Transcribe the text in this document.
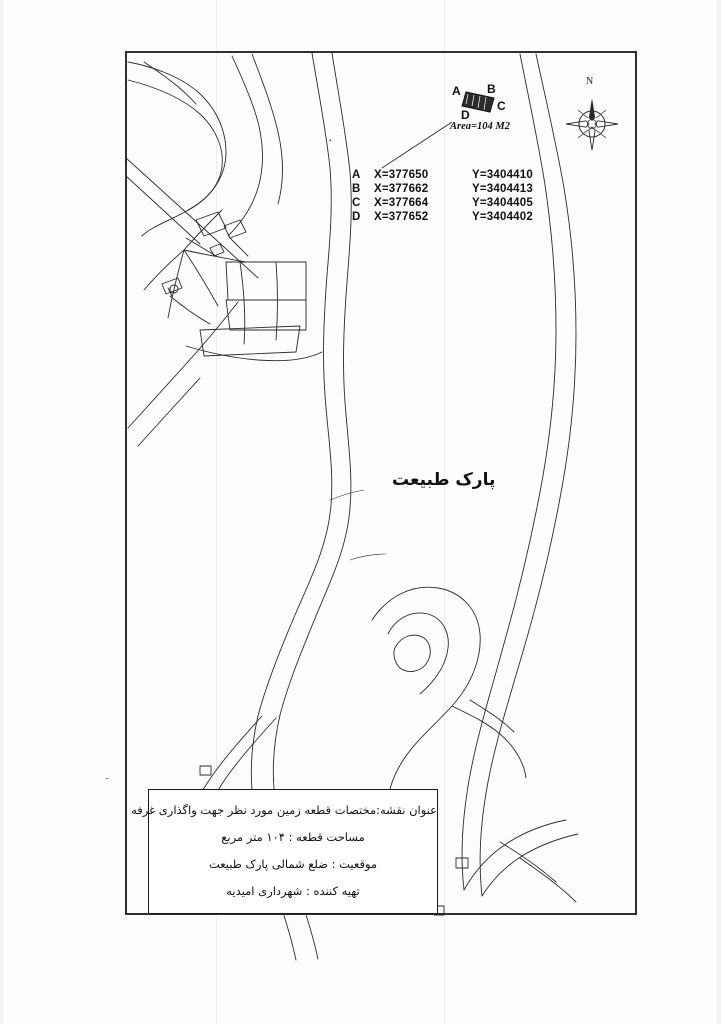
A B
C
D
Area=104 M2
N
A	X=377650	Y=3404410
B	X=377662	Y=3404413
C	X=377664	Y=3404405
D	X=377652	Y=3404402
پارک طبیعت
ـ
عنوان نقشه:مختصات قطعه زمین مورد نظر جهت واگذاری غرفه
مساحت قطعه : ۱۰۴ متر مربع
موقعیت : ضلع شمالی پارک طبیعت
تهیه کننده : شهرداری امیدیه
